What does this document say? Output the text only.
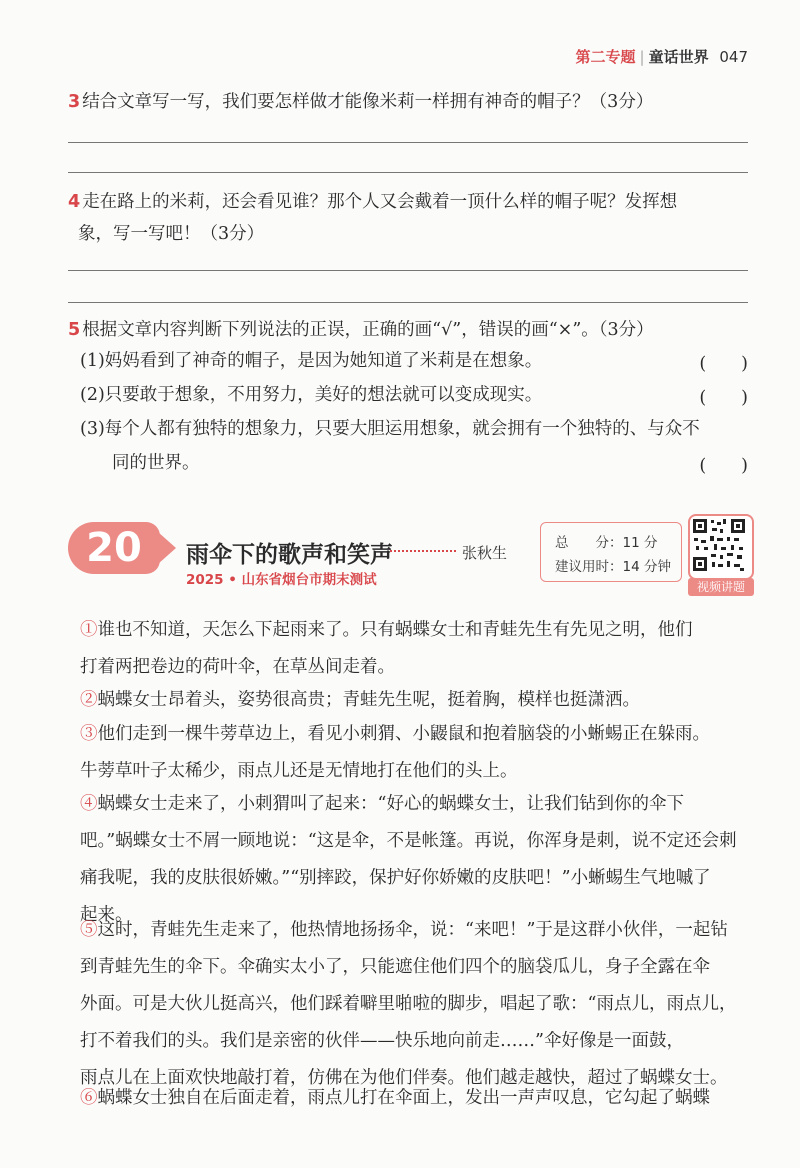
第二专题 | 童话世界 047
3 结合文章写一写，我们要怎样做才能像米莉一样拥有神奇的帽子？（3分）
4 走在路上的米莉，还会看见谁？那个人又会戴着一顶什么样的帽子呢？发挥想
象，写一写吧！（3分）
5 根据文章内容判断下列说法的正误，正确的画“√”，错误的画“×”。（3分）
(1)妈妈看到了神奇的帽子，是因为她知道了米莉是在想象。	(　　)
(2)只要敢于想象，不用努力，美好的想法就可以变成现实。	(　　)
(3)每个人都有独特的想象力，只要大胆运用想象，就会拥有一个独特的、与众不
同的世界。	(　　)
20	雨伞下的歌声和笑声	张秋生
2025 • 山东省烟台市期末测试
总　　分：11 分
建议用时：14 分钟
视频讲题
①谁也不知道，天怎么下起雨来了。只有蜗蝶女士和青蛙先生有先见之明，他们
打着两把卷边的荷叶伞，在草丛间走着。
②蜗蝶女士昂着头，姿势很高贵；青蛙先生呢，挺着胸，模样也挺潇洒。
③他们走到一棵牛蒡草边上，看见小刺猬、小鼹鼠和抱着脑袋的小蜥蜴正在躲雨。
牛蒡草叶子太稀少，雨点儿还是无情地打在他们的头上。
④蜗蝶女士走来了，小刺猬叫了起来：“好心的蜗蝶女士，让我们钻到你的伞下
吧。”蜗蝶女士不屑一顾地说：“这是伞，不是帐篷。再说，你浑身是刺，说不定还会刺
痛我呢，我的皮肤很娇嫩。”“别摔跤，保护好你娇嫩的皮肤吧！”小蜥蜴生气地嘁了
起来。
⑤这时，青蛙先生走来了，他热情地扬扬伞，说：“来吧！”于是这群小伙伴，一起钻
到青蛙先生的伞下。伞确实太小了，只能遮住他们四个的脑袋瓜儿，身子全露在伞
外面。可是大伙儿挺高兴，他们踩着噼里啪啦的脚步，唱起了歌：“雨点儿，雨点儿，
打不着我们的头。我们是亲密的伙伴——快乐地向前走……”伞好像是一面鼓，
雨点儿在上面欢快地敲打着，仿佛在为他们伴奏。他们越走越快，超过了蜗蝶女士。
⑥蜗蝶女士独自在后面走着，雨点儿打在伞面上，发出一声声叹息，它勾起了蜗蝶
